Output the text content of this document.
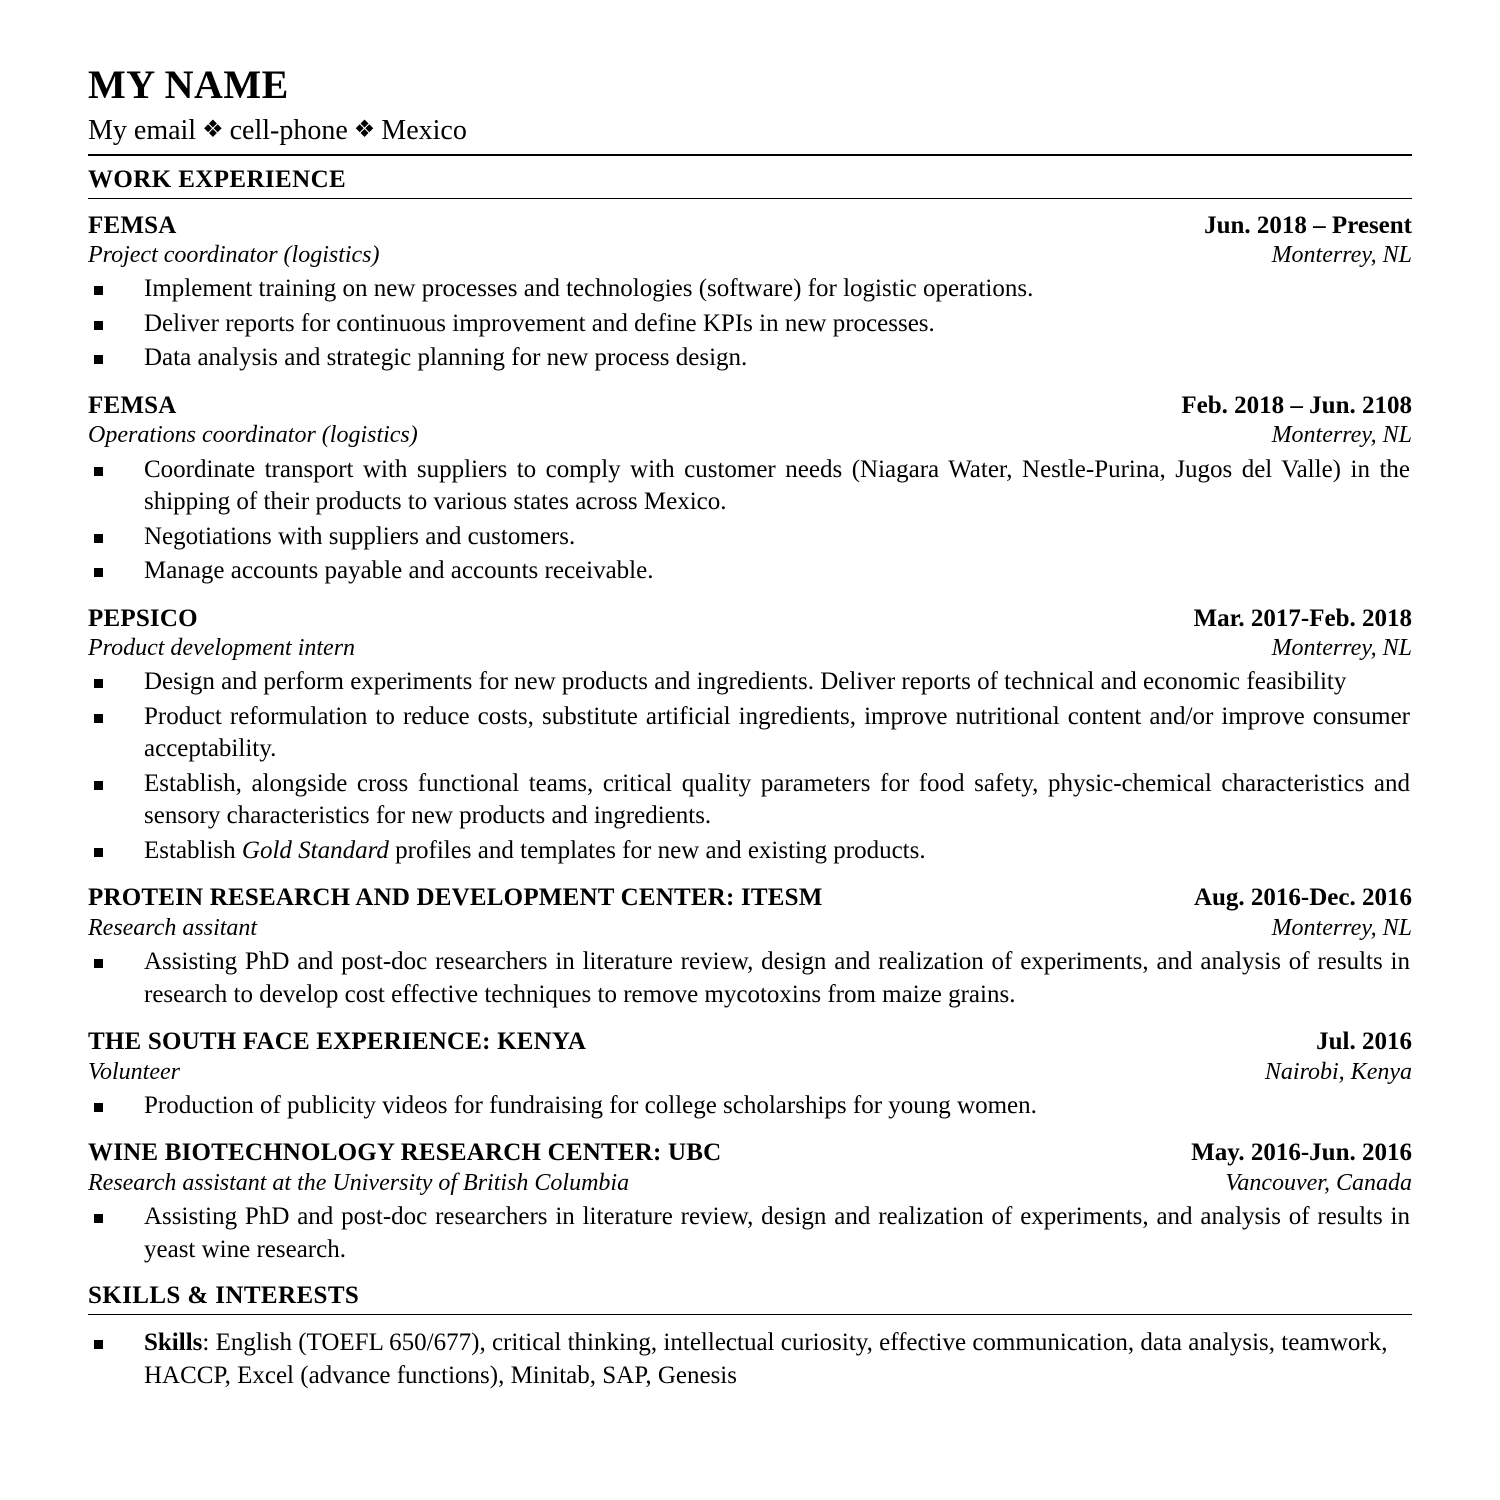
MY NAME
My email ❖ cell-phone ❖ Mexico
WORK EXPERIENCE
FEMSA	Jun. 2018 – Present
Project coordinator (logistics)	Monterrey, NL
Implement training on new processes and technologies (software) for logistic operations.
Deliver reports for continuous improvement and define KPIs in new processes.
Data analysis and strategic planning for new process design.
FEMSA	Feb. 2018 – Jun. 2108
Operations coordinator (logistics)	Monterrey, NL
Coordinate transport with suppliers to comply with customer needs (Niagara Water, Nestle-Purina, Jugos del Valle) in the shipping of their products to various states across Mexico.
Negotiations with suppliers and customers.
Manage accounts payable and accounts receivable.
PEPSICO	Mar. 2017-Feb. 2018
Product development intern	Monterrey, NL
Design and perform experiments for new products and ingredients. Deliver reports of technical and economic feasibility
Product reformulation to reduce costs, substitute artificial ingredients, improve nutritional content and/or improve consumer acceptability.
Establish, alongside cross functional teams, critical quality parameters for food safety, physic-chemical characteristics and sensory characteristics for new products and ingredients.
Establish Gold Standard profiles and templates for new and existing products.
PROTEIN RESEARCH AND DEVELOPMENT CENTER: ITESM	Aug. 2016-Dec. 2016
Research assitant	Monterrey, NL
Assisting PhD and post-doc researchers in literature review, design and realization of experiments, and analysis of results in research to develop cost effective techniques to remove mycotoxins from maize grains.
THE SOUTH FACE EXPERIENCE: KENYA	Jul. 2016
Volunteer	Nairobi, Kenya
Production of publicity videos for fundraising for college scholarships for young women.
WINE BIOTECHNOLOGY RESEARCH CENTER: UBC	May. 2016-Jun. 2016
Research assistant at the University of British Columbia	Vancouver, Canada
Assisting PhD and post-doc researchers in literature review, design and realization of experiments, and analysis of results in yeast wine research.
SKILLS & INTERESTS
Skills: English (TOEFL 650/677), critical thinking, intellectual curiosity, effective communication, data analysis, teamwork, HACCP, Excel (advance functions), Minitab, SAP, Genesis
